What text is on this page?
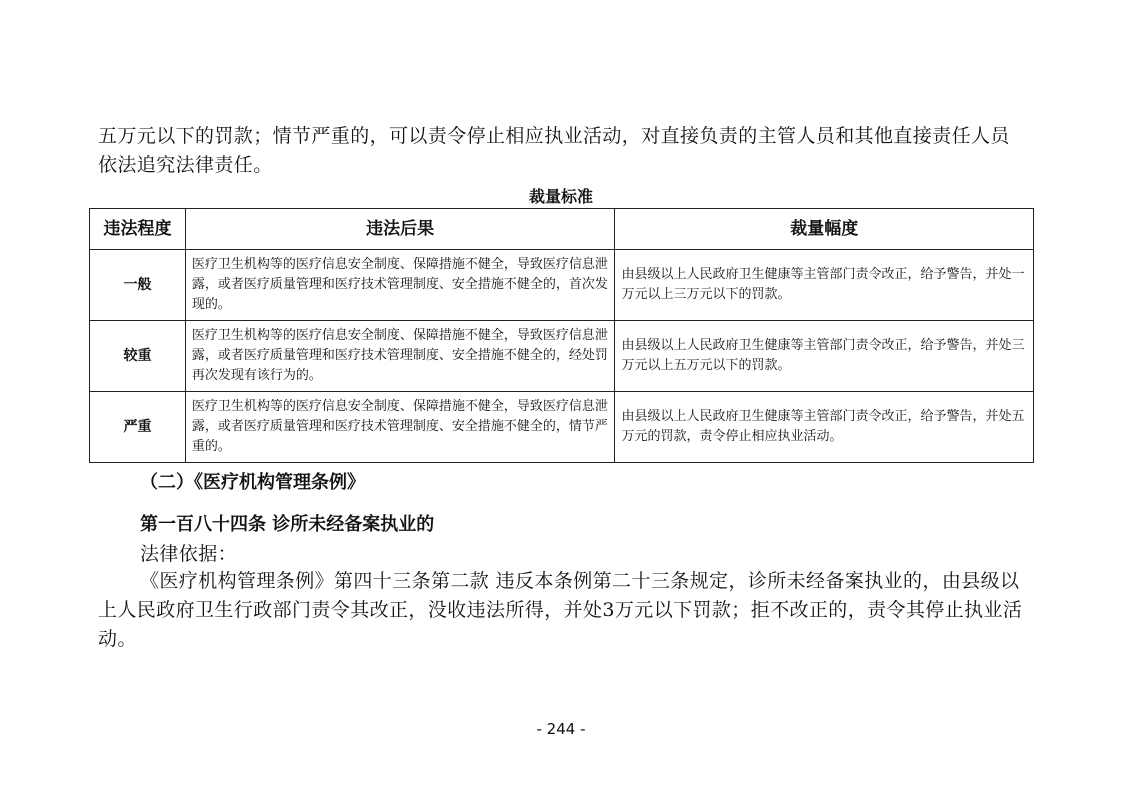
五万元以下的罚款；情节严重的，可以责令停止相应执业活动，对直接负责的主管人员和其他直接责任人员依法追究法律责任。

裁量标准
违法程度	违法后果	裁量幅度
一般	医疗卫生机构等的医疗信息安全制度、保障措施不健全，导致医疗信息泄露，或者医疗质量管理和医疗技术管理制度、安全措施不健全的，首次发现的。	由县级以上人民政府卫生健康等主管部门责令改正，给予警告，并处一万元以上三万元以下的罚款。
较重	医疗卫生机构等的医疗信息安全制度、保障措施不健全，导致医疗信息泄露，或者医疗质量管理和医疗技术管理制度、安全措施不健全的，经处罚再次发现有该行为的。	由县级以上人民政府卫生健康等主管部门责令改正，给予警告，并处三万元以上五万元以下的罚款。
严重	医疗卫生机构等的医疗信息安全制度、保障措施不健全，导致医疗信息泄露，或者医疗质量管理和医疗技术管理制度、安全措施不健全的，情节严重的。	由县级以上人民政府卫生健康等主管部门责令改正，给予警告，并处五万元的罚款，责令停止相应执业活动。
（二）《医疗机构管理条例》
第一百八十四条 诊所未经备案执业的

法律依据：

《医疗机构管理条例》第四十三条第二款 违反本条例第二十三条规定，诊所未经备案执业的，由县级以上人民政府卫生行政部门责令其改正，没收违法所得，并处3万元以下罚款；拒不改正的，责令其停止执业活动。

- 244 -
